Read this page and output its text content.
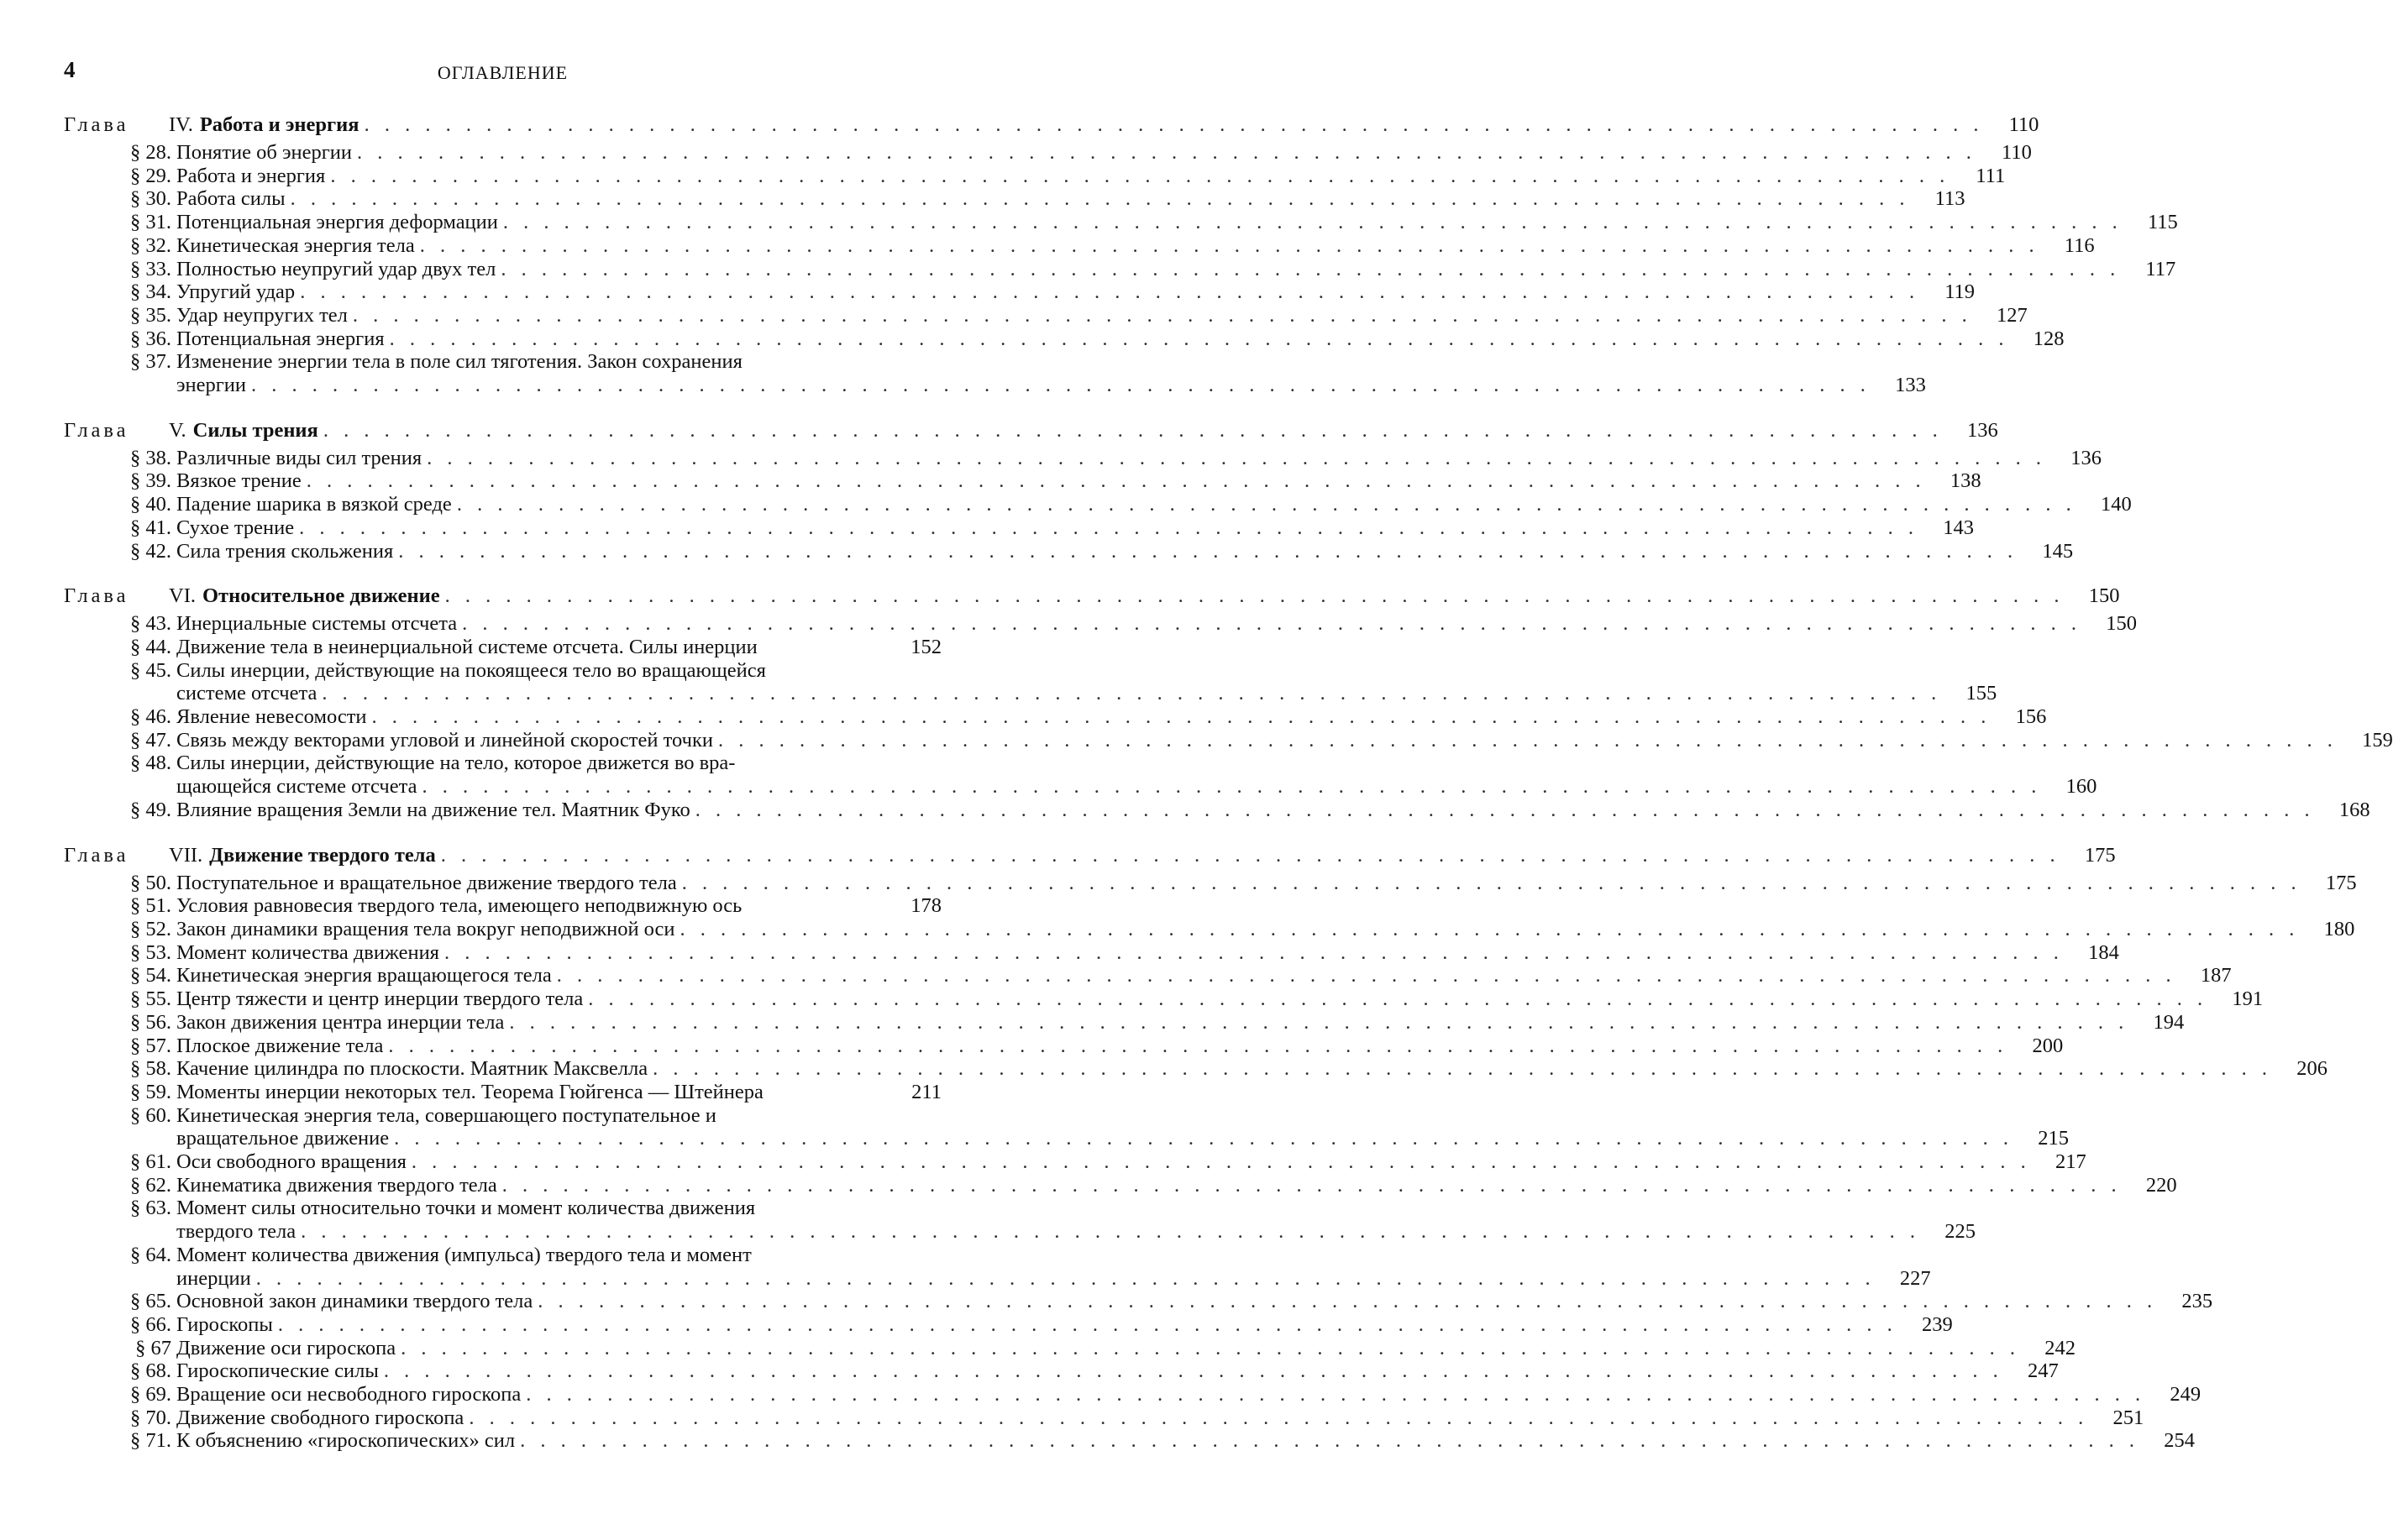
4	ОГЛАВЛЕНИЕ
Глава	IV. Работа и энергия . . . . . . . . . . . . . . . . . . . . . . . . . . . . . . . . . . . . . . . . . . . . . . . . . . . . . . . . . . . . . . . . . . . . . . . . . . . . . . . .	110
§ 28. Понятие об энергии . . . . . . . . . . . . . . . . . . . . . . . . . . . . . . . . . . . . . . . . . . . . . . . . . . . . . . . . . . . . . . . . . . . . . . . . . . . . . . . .	110
§ 29. Работа и энергия . . . . . . . . . . . . . . . . . . . . . . . . . . . . . . . . . . . . . . . . . . . . . . . . . . . . . . . . . . . . . . . . . . . . . . . . . . . . . . . .	111
§ 30. Работа силы . . . . . . . . . . . . . . . . . . . . . . . . . . . . . . . . . . . . . . . . . . . . . . . . . . . . . . . . . . . . . . . . . . . . . . . . . . . . . . . .	113
§ 31. Потенциальная энергия деформации . . . . . . . . . . . . . . . . . . . . . . . . . . . . . . . . . . . . . . . . . . . . . . . . . . . . . . . . . . . . . . . . . . . . . . . . . . . . . . . .	115
§ 32. Кинетическая энергия тела . . . . . . . . . . . . . . . . . . . . . . . . . . . . . . . . . . . . . . . . . . . . . . . . . . . . . . . . . . . . . . . . . . . . . . . . . . . . . . . .	116
§ 33. Полностью неупругий удар двух тел . . . . . . . . . . . . . . . . . . . . . . . . . . . . . . . . . . . . . . . . . . . . . . . . . . . . . . . . . . . . . . . . . . . . . . . . . . . . . . . .	117
§ 34. Упругий удар . . . . . . . . . . . . . . . . . . . . . . . . . . . . . . . . . . . . . . . . . . . . . . . . . . . . . . . . . . . . . . . . . . . . . . . . . . . . . . . .	119
§ 35. Удар неупругих тел . . . . . . . . . . . . . . . . . . . . . . . . . . . . . . . . . . . . . . . . . . . . . . . . . . . . . . . . . . . . . . . . . . . . . . . . . . . . . . . .	127
§ 36. Потенциальная энергия . . . . . . . . . . . . . . . . . . . . . . . . . . . . . . . . . . . . . . . . . . . . . . . . . . . . . . . . . . . . . . . . . . . . . . . . . . . . . . . .	128
§ 37. Изменение энергии тела в поле сил тяготения. Закон сохранения
энергии . . . . . . . . . . . . . . . . . . . . . . . . . . . . . . . . . . . . . . . . . . . . . . . . . . . . . . . . . . . . . . . . . . . . . . . . . . . . . . . .	133
Глава	V. Силы трения . . . . . . . . . . . . . . . . . . . . . . . . . . . . . . . . . . . . . . . . . . . . . . . . . . . . . . . . . . . . . . . . . . . . . . . . . . . . . . . .	136
§ 38. Различные виды сил трения . . . . . . . . . . . . . . . . . . . . . . . . . . . . . . . . . . . . . . . . . . . . . . . . . . . . . . . . . . . . . . . . . . . . . . . . . . . . . . . .	136
§ 39. Вязкое трение . . . . . . . . . . . . . . . . . . . . . . . . . . . . . . . . . . . . . . . . . . . . . . . . . . . . . . . . . . . . . . . . . . . . . . . . . . . . . . . .	138
§ 40. Падение шарика в вязкой среде . . . . . . . . . . . . . . . . . . . . . . . . . . . . . . . . . . . . . . . . . . . . . . . . . . . . . . . . . . . . . . . . . . . . . . . . . . . . . . . .	140
§ 41. Сухое трение . . . . . . . . . . . . . . . . . . . . . . . . . . . . . . . . . . . . . . . . . . . . . . . . . . . . . . . . . . . . . . . . . . . . . . . . . . . . . . . .	143
§ 42. Сила трения скольжения . . . . . . . . . . . . . . . . . . . . . . . . . . . . . . . . . . . . . . . . . . . . . . . . . . . . . . . . . . . . . . . . . . . . . . . . . . . . . . . .	145
Глава	VI. Относительное движение . . . . . . . . . . . . . . . . . . . . . . . . . . . . . . . . . . . . . . . . . . . . . . . . . . . . . . . . . . . . . . . . . . . . . . . . . . . . . . . .	150
§ 43. Инерциальные системы отсчета . . . . . . . . . . . . . . . . . . . . . . . . . . . . . . . . . . . . . . . . . . . . . . . . . . . . . . . . . . . . . . . . . . . . . . . . . . . . . . . .	150
§ 44. Движение тела в неинерциальной системе отсчета. Силы инерции	152
§ 45. Силы инерции, действующие на покоящееся тело во вращающейся
системе отсчета . . . . . . . . . . . . . . . . . . . . . . . . . . . . . . . . . . . . . . . . . . . . . . . . . . . . . . . . . . . . . . . . . . . . . . . . . . . . . . . .	155
§ 46. Явление невесомости . . . . . . . . . . . . . . . . . . . . . . . . . . . . . . . . . . . . . . . . . . . . . . . . . . . . . . . . . . . . . . . . . . . . . . . . . . . . . . . .	156
§ 47. Связь между векторами угловой и линейной скоростей точки . . . . . . . . . . . . . . . . . . . . . . . . . . . . . . . . . . . . . . . . . . . . . . . . . . . . . . . . . . . . . . . . . . . . . . . . . . . . . . . .	159
§ 48. Силы инерции, действующие на тело, которое движется во вра-
щающейся системе отсчета . . . . . . . . . . . . . . . . . . . . . . . . . . . . . . . . . . . . . . . . . . . . . . . . . . . . . . . . . . . . . . . . . . . . . . . . . . . . . . . .	160
§ 49. Влияние вращения Земли на движение тел. Маятник Фуко . . . . . . . . . . . . . . . . . . . . . . . . . . . . . . . . . . . . . . . . . . . . . . . . . . . . . . . . . . . . . . . . . . . . . . . . . . . . . . . .	168
Глава	VII. Движение твердого тела . . . . . . . . . . . . . . . . . . . . . . . . . . . . . . . . . . . . . . . . . . . . . . . . . . . . . . . . . . . . . . . . . . . . . . . . . . . . . . . .	175
§ 50. Поступательное и вращательное движение твердого тела . . . . . . . . . . . . . . . . . . . . . . . . . . . . . . . . . . . . . . . . . . . . . . . . . . . . . . . . . . . . . . . . . . . . . . . . . . . . . . . .	175
§ 51. Условия равновесия твердого тела, имеющего неподвижную ось	178
§ 52. Закон динамики вращения тела вокруг неподвижной оси . . . . . . . . . . . . . . . . . . . . . . . . . . . . . . . . . . . . . . . . . . . . . . . . . . . . . . . . . . . . . . . . . . . . . . . . . . . . . . . .	180
§ 53. Момент количества движения . . . . . . . . . . . . . . . . . . . . . . . . . . . . . . . . . . . . . . . . . . . . . . . . . . . . . . . . . . . . . . . . . . . . . . . . . . . . . . . .	184
§ 54. Кинетическая энергия вращающегося тела . . . . . . . . . . . . . . . . . . . . . . . . . . . . . . . . . . . . . . . . . . . . . . . . . . . . . . . . . . . . . . . . . . . . . . . . . . . . . . . .	187
§ 55. Центр тяжести и центр инерции твердого тела . . . . . . . . . . . . . . . . . . . . . . . . . . . . . . . . . . . . . . . . . . . . . . . . . . . . . . . . . . . . . . . . . . . . . . . . . . . . . . . .	191
§ 56. Закон движения центра инерции тела . . . . . . . . . . . . . . . . . . . . . . . . . . . . . . . . . . . . . . . . . . . . . . . . . . . . . . . . . . . . . . . . . . . . . . . . . . . . . . . .	194
§ 57. Плоское движение тела . . . . . . . . . . . . . . . . . . . . . . . . . . . . . . . . . . . . . . . . . . . . . . . . . . . . . . . . . . . . . . . . . . . . . . . . . . . . . . . .	200
§ 58. Качение цилиндра по плоскости. Маятник Максвелла . . . . . . . . . . . . . . . . . . . . . . . . . . . . . . . . . . . . . . . . . . . . . . . . . . . . . . . . . . . . . . . . . . . . . . . . . . . . . . . .	206
§ 59. Моменты инерции некоторых тел. Теорема Гюйгенса — Штейнера	211
§ 60. Кинетическая энергия тела, совершающего поступательное и
вращательное движение . . . . . . . . . . . . . . . . . . . . . . . . . . . . . . . . . . . . . . . . . . . . . . . . . . . . . . . . . . . . . . . . . . . . . . . . . . . . . . . .	215
§ 61. Оси свободного вращения . . . . . . . . . . . . . . . . . . . . . . . . . . . . . . . . . . . . . . . . . . . . . . . . . . . . . . . . . . . . . . . . . . . . . . . . . . . . . . . .	217
§ 62. Кинематика движения твердого тела . . . . . . . . . . . . . . . . . . . . . . . . . . . . . . . . . . . . . . . . . . . . . . . . . . . . . . . . . . . . . . . . . . . . . . . . . . . . . . . .	220
§ 63. Момент силы относительно точки и момент количества движения
твердого тела . . . . . . . . . . . . . . . . . . . . . . . . . . . . . . . . . . . . . . . . . . . . . . . . . . . . . . . . . . . . . . . . . . . . . . . . . . . . . . . .	225
§ 64. Момент количества движения (импульса) твердого тела и момент
инерции . . . . . . . . . . . . . . . . . . . . . . . . . . . . . . . . . . . . . . . . . . . . . . . . . . . . . . . . . . . . . . . . . . . . . . . . . . . . . . . .	227
§ 65. Основной закон динамики твердого тела . . . . . . . . . . . . . . . . . . . . . . . . . . . . . . . . . . . . . . . . . . . . . . . . . . . . . . . . . . . . . . . . . . . . . . . . . . . . . . . .	235
§ 66. Гироскопы . . . . . . . . . . . . . . . . . . . . . . . . . . . . . . . . . . . . . . . . . . . . . . . . . . . . . . . . . . . . . . . . . . . . . . . . . . . . . . . .	239
§ 67 Движение оси гироскопа . . . . . . . . . . . . . . . . . . . . . . . . . . . . . . . . . . . . . . . . . . . . . . . . . . . . . . . . . . . . . . . . . . . . . . . . . . . . . . . .	242
§ 68. Гироскопические силы . . . . . . . . . . . . . . . . . . . . . . . . . . . . . . . . . . . . . . . . . . . . . . . . . . . . . . . . . . . . . . . . . . . . . . . . . . . . . . . .	247
§ 69. Вращение оси несвободного гироскопа . . . . . . . . . . . . . . . . . . . . . . . . . . . . . . . . . . . . . . . . . . . . . . . . . . . . . . . . . . . . . . . . . . . . . . . . . . . . . . . .	249
§ 70. Движение свободного гироскопа . . . . . . . . . . . . . . . . . . . . . . . . . . . . . . . . . . . . . . . . . . . . . . . . . . . . . . . . . . . . . . . . . . . . . . . . . . . . . . . .	251
§ 71. К объяснению «гироскопических» сил . . . . . . . . . . . . . . . . . . . . . . . . . . . . . . . . . . . . . . . . . . . . . . . . . . . . . . . . . . . . . . . . . . . . . . . . . . . . . . . .	254
